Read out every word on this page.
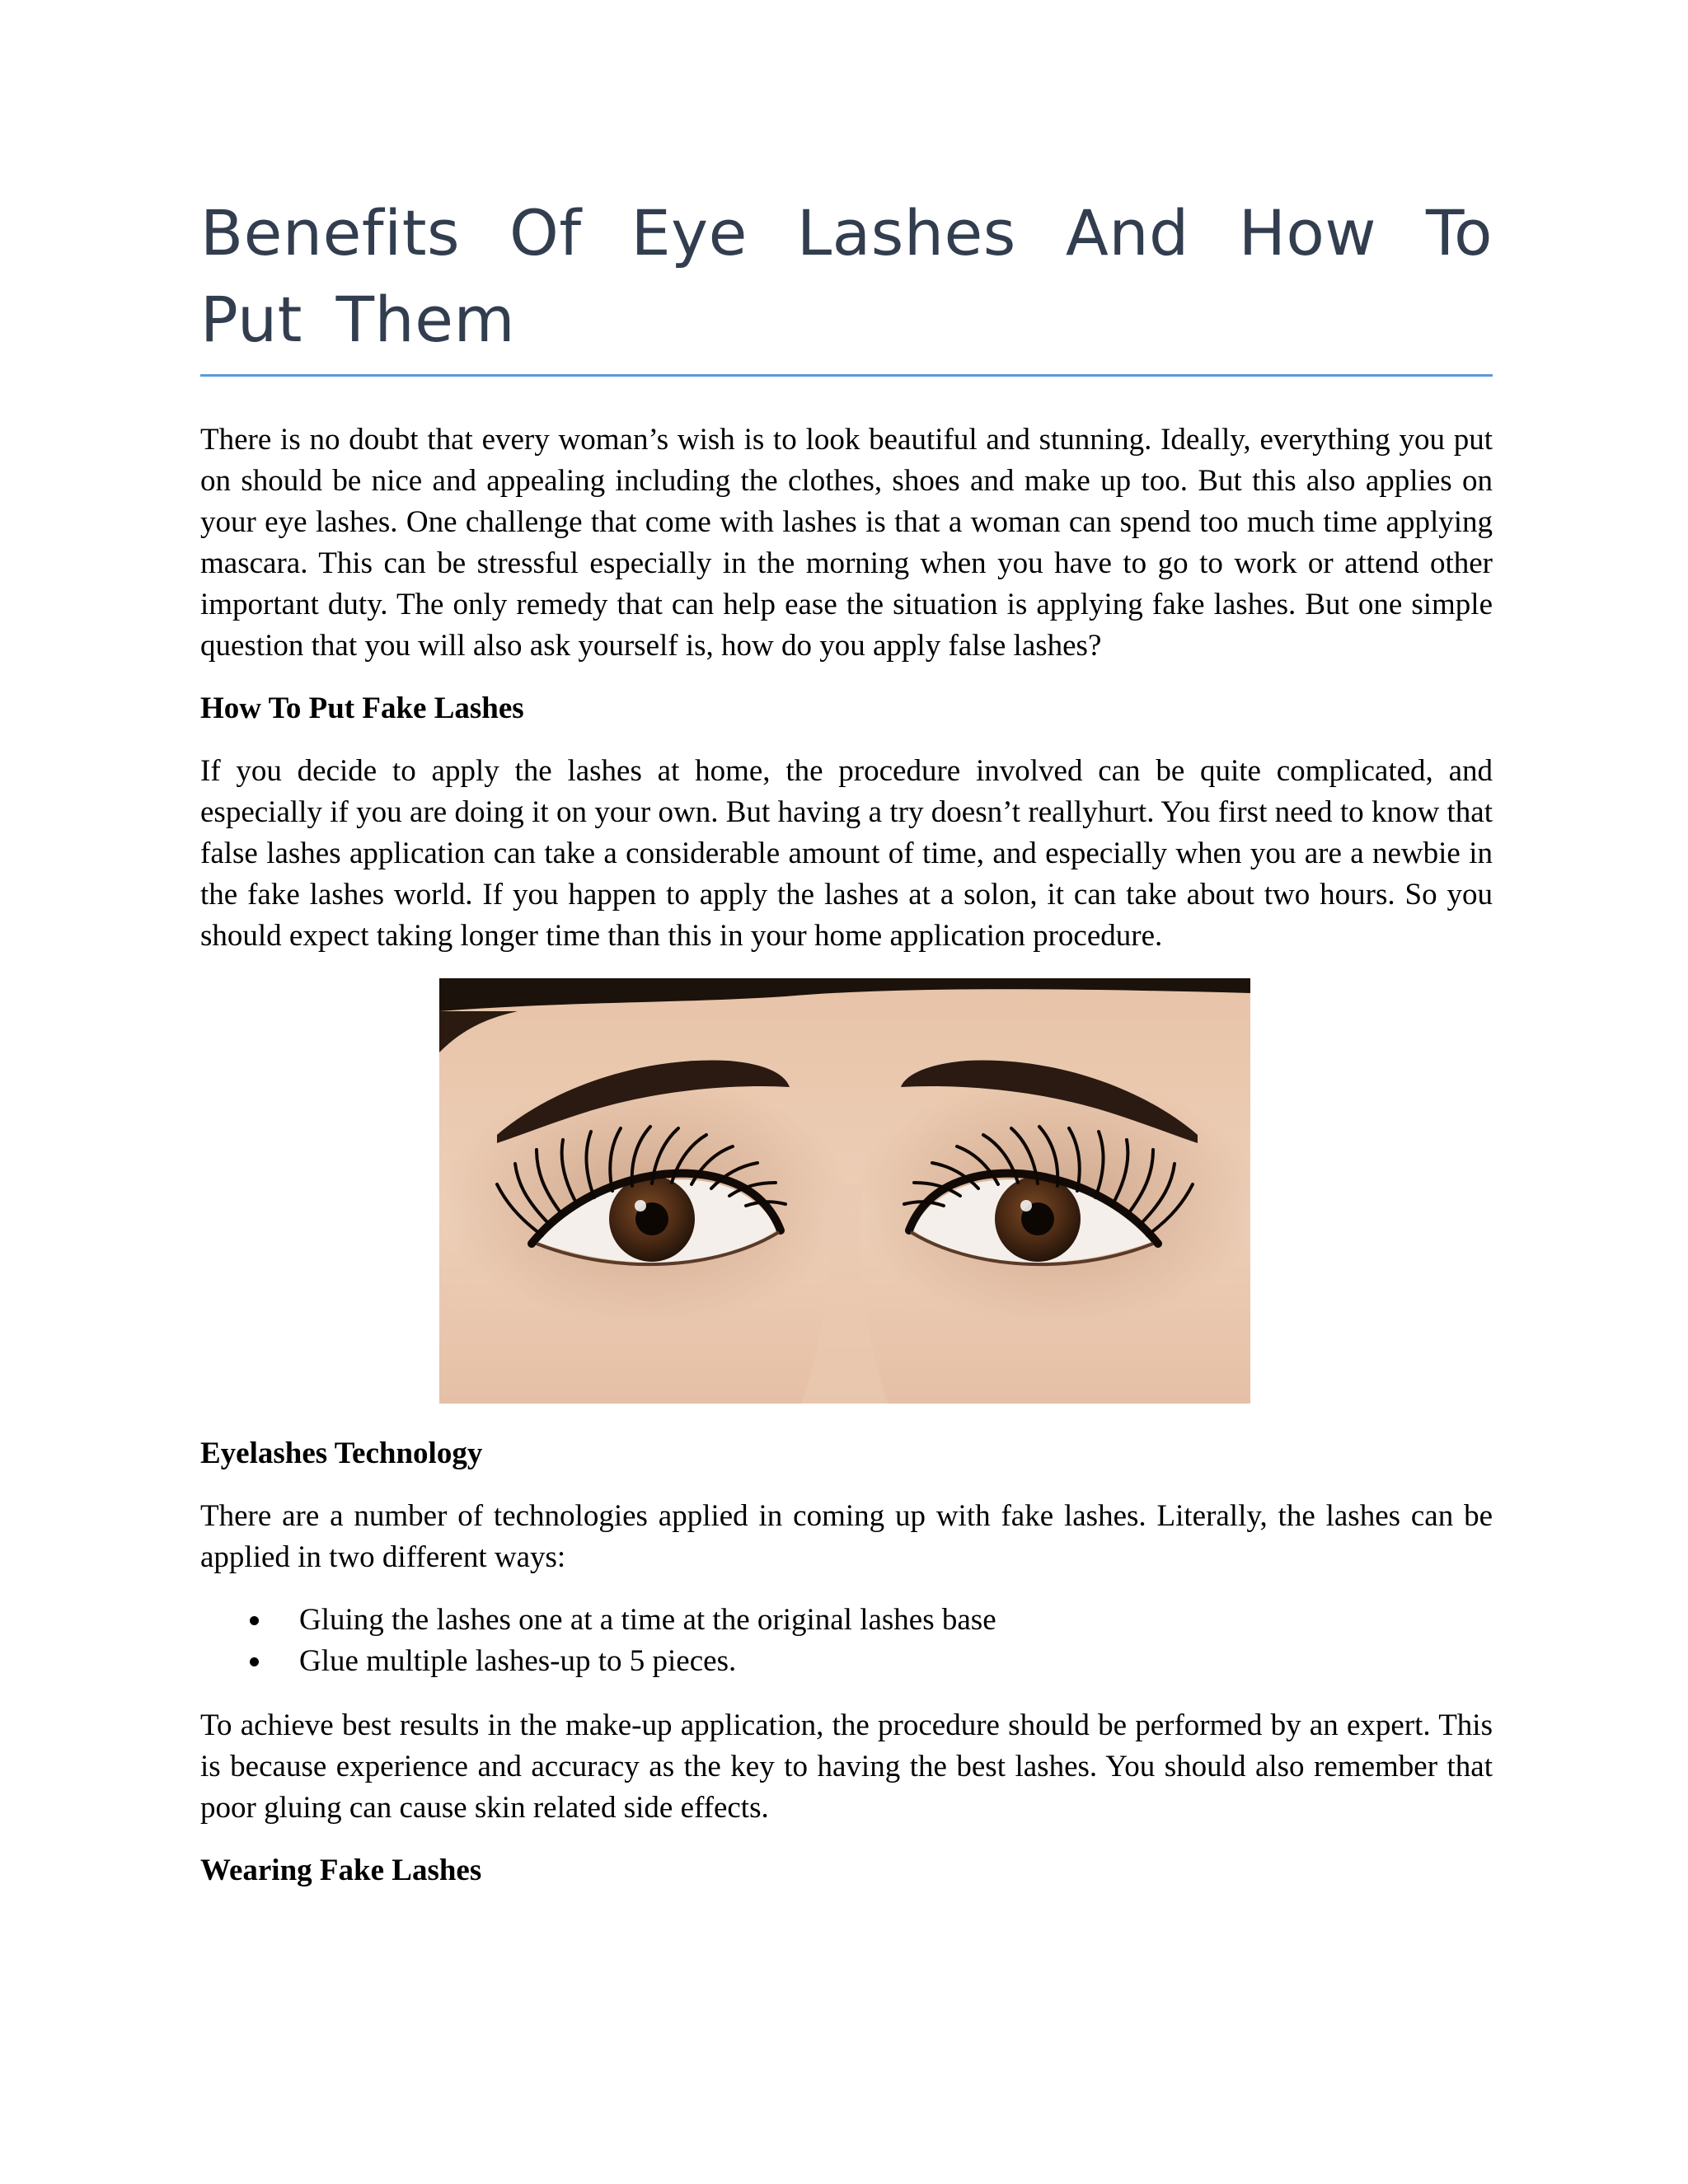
Benefits Of Eye Lashes And How To Put Them

There is no doubt that every woman’s wish is to look beautiful and stunning. Ideally, everything you put on should be nice and appealing including the clothes, shoes and make up too. But this also applies on your eye lashes. One challenge that come with lashes is that a woman can spend too much time applying mascara. This can be stressful especially in the morning when you have to go to work or attend other important duty. The only remedy that can help ease the situation is applying fake lashes. But one simple question that you will also ask yourself is, how do you apply false lashes?

How To Put Fake Lashes

If you decide to apply the lashes at home, the procedure involved can be quite complicated, and especially if you are doing it on your own. But having a try doesn’t reallyhurt. You first need to know that false lashes application can take a considerable amount of time, and especially when you are a newbie in the fake lashes world. If you happen to apply the lashes at a solon, it can take about two hours. So you should expect taking longer time than this in your home application procedure.

Eyelashes Technology

There are a number of technologies applied in coming up with fake lashes. Literally, the lashes can be applied in two different ways:

Gluing the lashes one at a time at the original lashes base
Glue multiple lashes-up to 5 pieces.

To achieve best results in the make-up application, the procedure should be performed by an expert. This is because experience and accuracy as the key to having the best lashes. You should also remember that poor gluing can cause skin related side effects.

Wearing Fake Lashes
